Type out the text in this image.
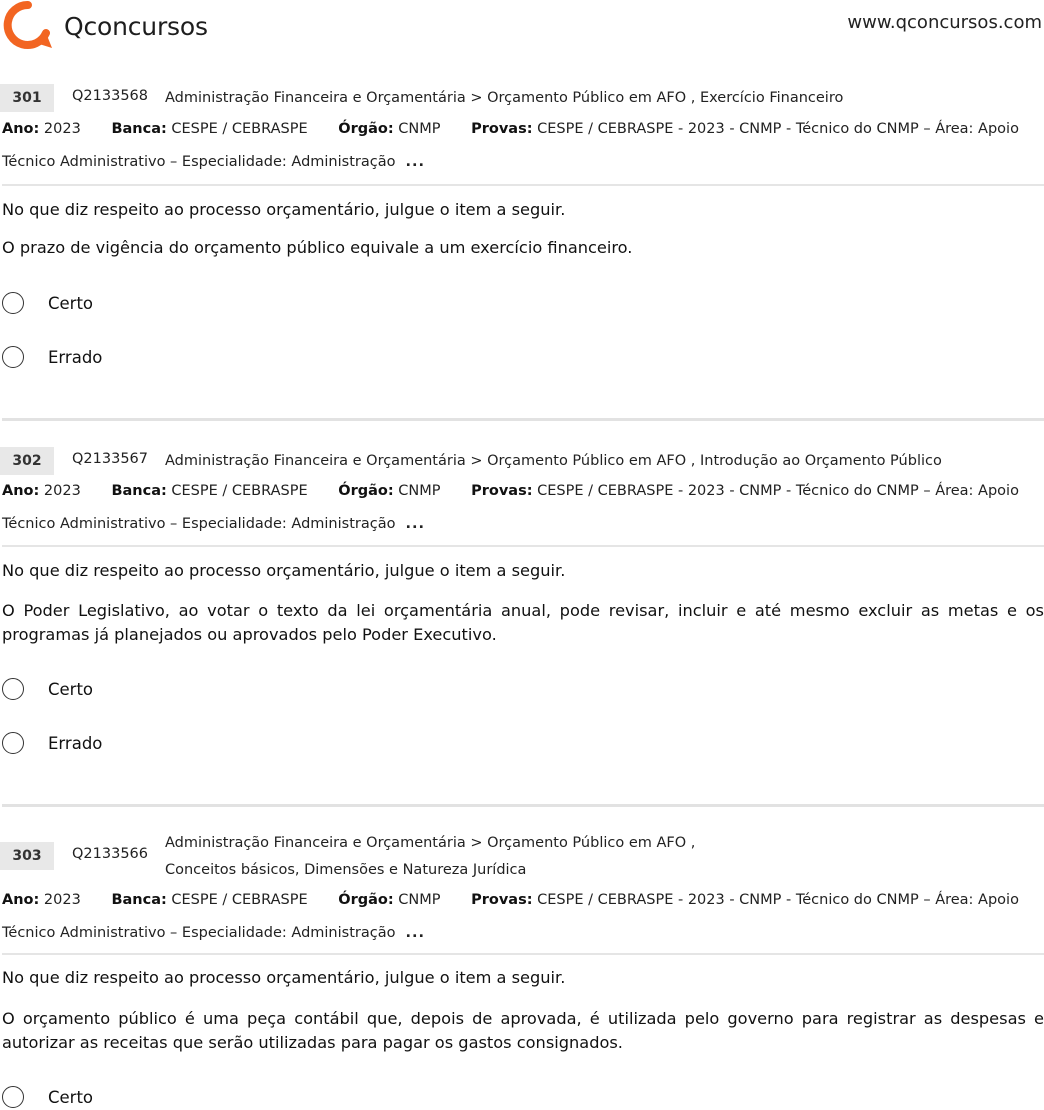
Qconcursos	www.qconcursos.com
301	Q2133568 Administração Financeira e Orçamentária > Orçamento Público em AFO , Exercício Financeiro
Ano: 2023 Banca: CESPE / CEBRASPE Órgão: CNMP Provas: CESPE / CEBRASPE - 2023 - CNMP - Técnico do CNMP – Área: Apoio
Técnico Administrativo – Especialidade: Administração ...
No que diz respeito ao processo orçamentário, julgue o item a seguir.
O prazo de vigência do orçamento público equivale a um exercício financeiro.
Certo
Errado
302	Q2133567 Administração Financeira e Orçamentária > Orçamento Público em AFO , Introdução ao Orçamento Público
Ano: 2023 Banca: CESPE / CEBRASPE Órgão: CNMP Provas: CESPE / CEBRASPE - 2023 - CNMP - Técnico do CNMP – Área: Apoio
Técnico Administrativo – Especialidade: Administração ...
No que diz respeito ao processo orçamentário, julgue o item a seguir.
O Poder Legislativo, ao votar o texto da lei orçamentária anual, pode revisar, incluir e até mesmo excluir as metas e os programas já planejados ou aprovados pelo Poder Executivo.
Certo
Errado
303	Q2133566
Administração Financeira e Orçamentária > Orçamento Público em AFO ,
Conceitos básicos, Dimensões e Natureza Jurídica
Ano: 2023 Banca: CESPE / CEBRASPE Órgão: CNMP Provas: CESPE / CEBRASPE - 2023 - CNMP - Técnico do CNMP – Área: Apoio
Técnico Administrativo – Especialidade: Administração ...
No que diz respeito ao processo orçamentário, julgue o item a seguir.
O orçamento público é uma peça contábil que, depois de aprovada, é utilizada pelo governo para registrar as despesas e autorizar as receitas que serão utilizadas para pagar os gastos consignados.
Certo
